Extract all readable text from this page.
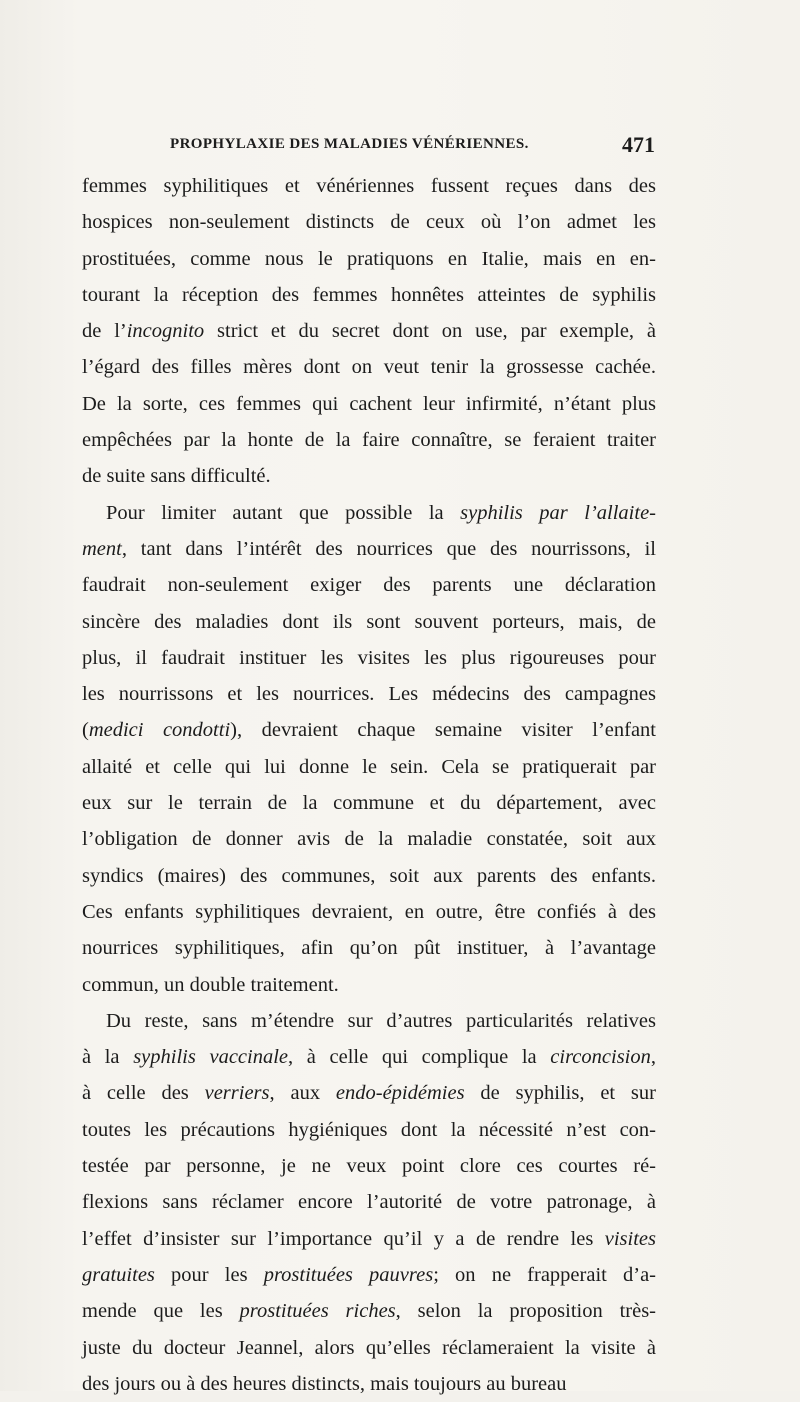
PROPHYLAXIE DES MALADIES VÉNÉRIENNES.	471
femmes syphilitiques et vénériennes fussent reçues dans des
hospices non-seulement distincts de ceux où l’on admet les
prostituées, comme nous le pratiquons en Italie, mais en en-
tourant la réception des femmes honnêtes atteintes de syphilis
de l’incognito strict et du secret dont on use, par exemple, à
l’égard des filles mères dont on veut tenir la grossesse cachée.
De la sorte, ces femmes qui cachent leur infirmité, n’étant plus
empêchées par la honte de la faire connaître, se feraient traiter
de suite sans difficulté.
Pour limiter autant que possible la syphilis par l’allaite-
ment, tant dans l’intérêt des nourrices que des nourrissons, il
faudrait non-seulement exiger des parents une déclaration
sincère des maladies dont ils sont souvent porteurs, mais, de
plus, il faudrait instituer les visites les plus rigoureuses pour
les nourrissons et les nourrices. Les médecins des campagnes
(medici condotti), devraient chaque semaine visiter l’enfant
allaité et celle qui lui donne le sein. Cela se pratiquerait par
eux sur le terrain de la commune et du département, avec
l’obligation de donner avis de la maladie constatée, soit aux
syndics (maires) des communes, soit aux parents des enfants.
Ces enfants syphilitiques devraient, en outre, être confiés à des
nourrices syphilitiques, afin qu’on pût instituer, à l’avantage
commun, un double traitement.
Du reste, sans m’étendre sur d’autres particularités relatives
à la syphilis vaccinale, à celle qui complique la circoncision,
à celle des verriers, aux endo-épidémies de syphilis, et sur
toutes les précautions hygiéniques dont la nécessité n’est con-
testée par personne, je ne veux point clore ces courtes ré-
flexions sans réclamer encore l’autorité de votre patronage, à
l’effet d’insister sur l’importance qu’il y a de rendre les visites
gratuites pour les prostituées pauvres; on ne frapperait d’a-
mende que les prostituées riches, selon la proposition très-
juste du docteur Jeannel, alors qu’elles réclameraient la visite à
des jours ou à des heures distincts, mais toujours au bureau
